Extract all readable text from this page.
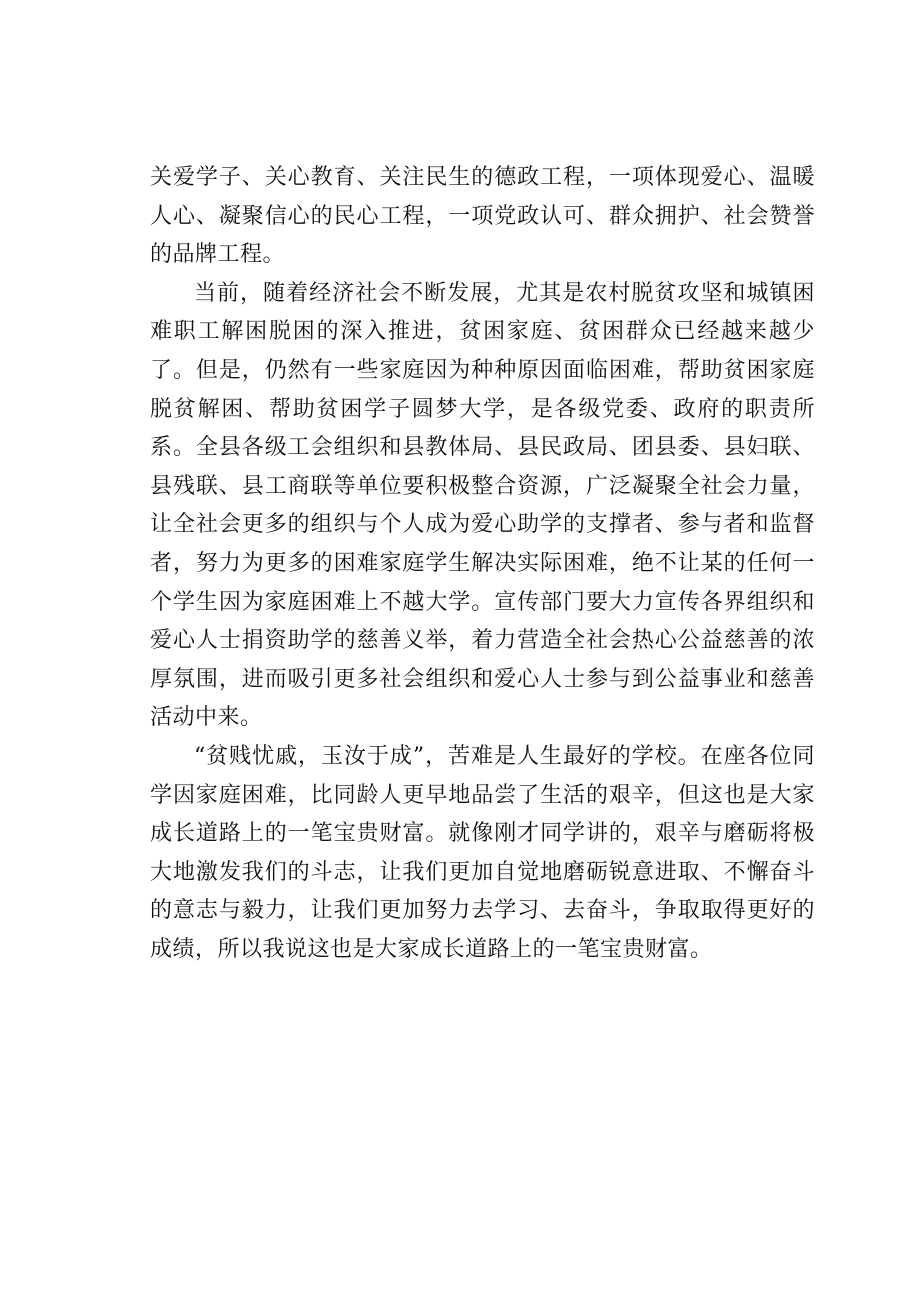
关爱学子、关心教育、关注民生的德政工程，一项体现爱心、温暖人心、凝聚信心的民心工程，一项党政认可、群众拥护、社会赞誉的品牌工程。

当前，随着经济社会不断发展，尤其是农村脱贫攻坚和城镇困难职工解困脱困的深入推进，贫困家庭、贫困群众已经越来越少了。但是，仍然有一些家庭因为种种原因面临困难，帮助贫困家庭脱贫解困、帮助贫困学子圆梦大学，是各级党委、政府的职责所系。全县各级工会组织和县教体局、县民政局、团县委、县妇联、县残联、县工商联等单位要积极整合资源，广泛凝聚全社会力量，让全社会更多的组织与个人成为爱心助学的支撑者、参与者和监督者，努力为更多的困难家庭学生解决实际困难，绝不让某的任何一个学生因为家庭困难上不越大学。宣传部门要大力宣传各界组织和爱心人士捐资助学的慈善义举，着力营造全社会热心公益慈善的浓厚氛围，进而吸引更多社会组织和爱心人士参与到公益事业和慈善活动中来。

“贫贱忧戚，玉汝于成”，苦难是人生最好的学校。在座各位同学因家庭困难，比同龄人更早地品尝了生活的艰辛，但这也是大家成长道路上的一笔宝贵财富。就像刚才同学讲的，艰辛与磨砺将极大地激发我们的斗志，让我们更加自觉地磨砺锐意进取、不懈奋斗的意志与毅力，让我们更加努力去学习、去奋斗，争取取得更好的成绩，所以我说这也是大家成长道路上的一笔宝贵财富。
